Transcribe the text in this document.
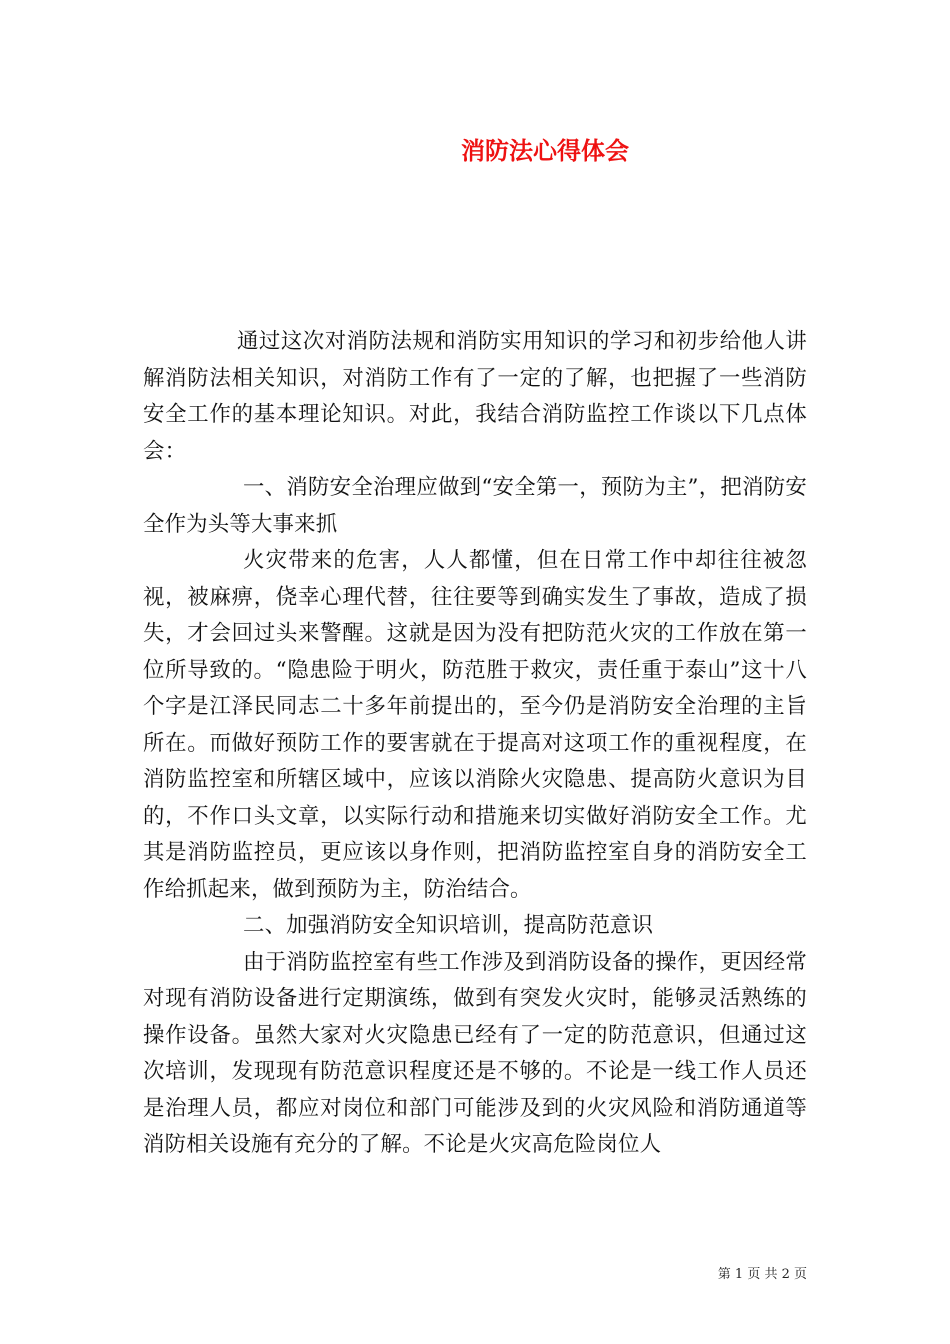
消防法心得体会

通过这次对消防法规和消防实用知识的学习和初步给他人讲解消防法相关知识，对消防工作有了一定的了解，也把握了一些消防安全工作的基本理论知识。对此，我结合消防监控工作谈以下几点体会：

一、消防安全治理应做到“安全第一，预防为主”，把消防安全作为头等大事来抓

火灾带来的危害，人人都懂，但在日常工作中却往往被忽视，被麻痹，侥幸心理代替，往往要等到确实发生了事故，造成了损失，才会回过头来警醒。这就是因为没有把防范火灾的工作放在第一位所导致的。“隐患险于明火，防范胜于救灾，责任重于泰山”这十八个字是江泽民同志二十多年前提出的，至今仍是消防安全治理的主旨所在。而做好预防工作的要害就在于提高对这项工作的重视程度，在消防监控室和所辖区域中，应该以消除火灾隐患、提高防火意识为目的，不作口头文章，以实际行动和措施来切实做好消防安全工作。尤其是消防监控员，更应该以身作则，把消防监控室自身的消防安全工作给抓起来，做到预防为主，防治结合。

二、加强消防安全知识培训，提高防范意识

由于消防监控室有些工作涉及到消防设备的操作，更因经常对现有消防设备进行定期演练，做到有突发火灾时，能够灵活熟练的操作设备。虽然大家对火灾隐患已经有了一定的防范意识，但通过这次培训，发现现有防范意识程度还是不够的。不论是一线工作人员还是治理人员，都应对岗位和部门可能涉及到的火灾风险和消防通道等消防相关设施有充分的了解。不论是火灾高危险岗位人

第 1 页 共 2 页
